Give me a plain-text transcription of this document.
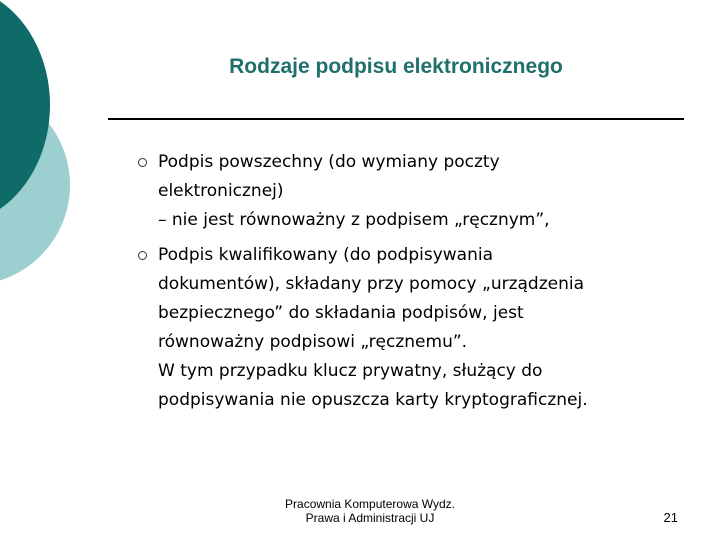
Rodzaje podpisu elektronicznego
Podpis powszechny (do wymiany poczty
elektronicznej)
– nie jest równoważny z podpisem „ręcznym”,
Podpis kwalifikowany (do podpisywania
dokumentów), składany przy pomocy „urządzenia
bezpiecznego” do składania podpisów, jest
równoważny podpisowi „ręcznemu”.
W tym przypadku klucz prywatny, służący do
podpisywania nie opuszcza karty kryptograficznej.
Pracownia Komputerowa Wydz.
Prawa i Administracji UJ	21
